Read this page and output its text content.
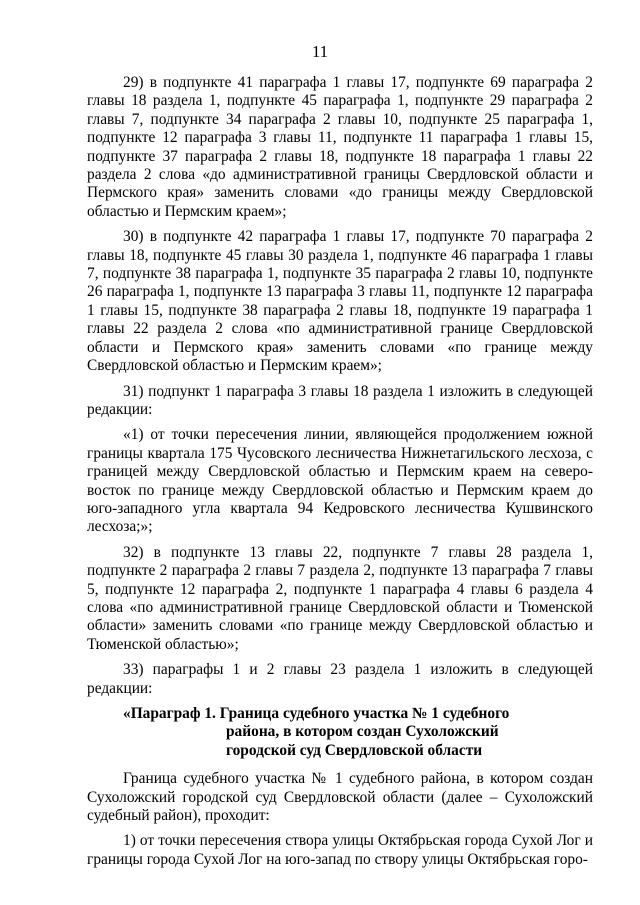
11

29) в подпункте 41 параграфа 1 главы 17, подпункте 69 параграфа 2 главы 18 раздела 1, подпункте 45 параграфа 1, подпункте 29 параграфа 2 главы 7, подпункте 34 параграфа 2 главы 10, подпункте 25 параграфа 1, подпункте 12 параграфа 3 главы 11, подпункте 11 параграфа 1 главы 15, подпункте 37 параграфа 2 главы 18, подпункте 18 параграфа 1 главы 22 раздела 2 слова «до административной границы Свердловской области и Пермского края» заменить словами «до границы между Свердловской областью и Пермским краем»;

30) в подпункте 42 параграфа 1 главы 17, подпункте 70 параграфа 2 главы 18, подпункте 45 главы 30 раздела 1, подпункте 46 параграфа 1 главы 7, подпункте 38 параграфа 1, подпункте 35 параграфа 2 главы 10, подпункте 26 параграфа 1, подпункте 13 параграфа 3 главы 11, подпункте 12 параграфа 1 главы 15, подпункте 38 параграфа 2 главы 18, подпункте 19 параграфа 1 главы 22 раздела 2 слова «по административной границе Свердловской области и Пермского края» заменить словами «по границе между Свердловской областью и Пермским краем»;

31) подпункт 1 параграфа 3 главы 18 раздела 1 изложить в следующей редакции:

«1) от точки пересечения линии, являющейся продолжением южной границы квартала 175 Чусовского лесничества Нижнетагильского лесхоза, с границей между Свердловской областью и Пермским краем на северо-восток по границе между Свердловской областью и Пермским краем до юго-западного угла квартала 94 Кедровского лесничества Кушвинского лесхоза;»;

32) в подпункте 13 главы 22, подпункте 7 главы 28 раздела 1, подпункте 2 параграфа 2 главы 7 раздела 2, подпункте 13 параграфа 7 главы 5, подпункте 12 параграфа 2, подпункте 1 параграфа 4 главы 6 раздела 4 слова «по административной границе Свердловской области и Тюменской области» заменить словами «по границе между Свердловской областью и Тюменской областью»;

33) параграфы 1 и 2 главы 23 раздела 1 изложить в следующей редакции:

«Параграф 1. Граница судебного участка № 1 судебного
района, в котором создан Сухоложский
городской суд Свердловской области

Граница судебного участка № 1 судебного района, в котором создан Сухоложский городской суд Свердловской области (далее – Сухоложский судебный район), проходит:

1) от точки пересечения створа улицы Октябрьская города Сухой Лог и границы города Сухой Лог на юго-запад по створу улицы Октябрьская горо-
